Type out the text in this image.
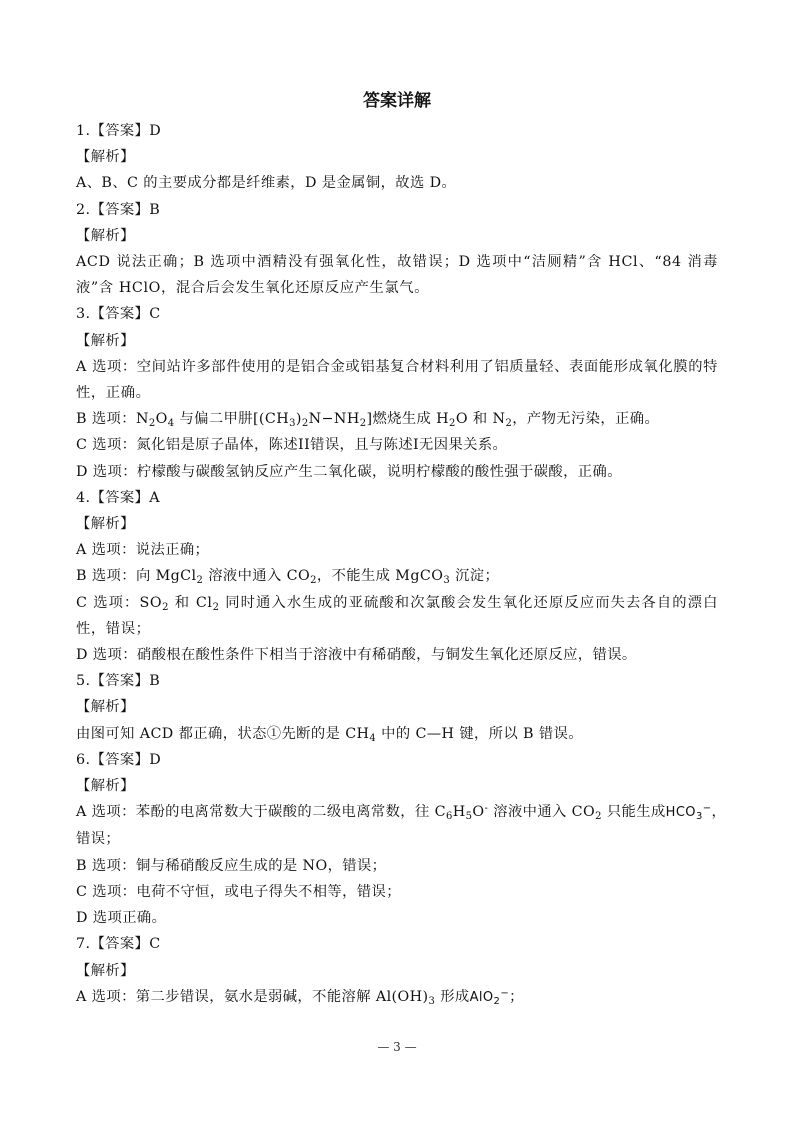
答案详解

1.【答案】D

【解析】

A、B、C 的主要成分都是纤维素，D 是金属铜，故选 D。

2.【答案】B

【解析】

ACD 说法正确；B 选项中酒精没有强氧化性，故错误；D 选项中“洁厕精”含 HCl、“84 消毒液”含 HClO，混合后会发生氧化还原反应产生氯气。

3.【答案】C

【解析】

A 选项：空间站许多部件使用的是铝合金或铝基复合材料利用了铝质量轻、表面能形成氧化膜的特性，正确。

B 选项：$N_2O_4$ 与偏二甲肼$[(CH_3)_2N-NH_2]$燃烧生成 $H_2O$ 和 $N_2$，产物无污染，正确。

C 选项：氮化铝是原子晶体，陈述II错误，且与陈述I无因果关系。

D 选项：柠檬酸与碳酸氢钠反应产生二氧化碳，说明柠檬酸的酸性强于碳酸，正确。

4.【答案】A

【解析】

A 选项：说法正确；

B 选项：向 MgCl$_2$ 溶液中通入 $CO_2$，不能生成 MgCO$_3$ 沉淀；

C 选项：$SO_2$ 和 $Cl_2$ 同时通入水生成的亚硫酸和次氯酸会发生氧化还原反应而失去各自的漂白性，错误；

D 选项：硝酸根在酸性条件下相当于溶液中有稀硝酸，与铜发生氧化还原反应，错误。

5.【答案】B

【解析】

由图可知 ACD 都正确，状态①先断的是 $CH_4$ 中的 C—H 键，所以 B 错误。

6.【答案】D

【解析】

A 选项：苯酚的电离常数大于碳酸的二级电离常数，往 $C_6H_5O^-$ 溶液中通入 $CO_2$ 只能生成$HCO_3^-$，

错误；

B 选项：铜与稀硝酸反应生成的是 NO，错误；

C 选项：电荷不守恒，或电子得失不相等，错误；

D 选项正确。

7.【答案】C

【解析】

A 选项：第二步错误，氨水是弱碱，不能溶解 $Al(OH)_3$ 形成AlO$_2$−；

— 3 —
